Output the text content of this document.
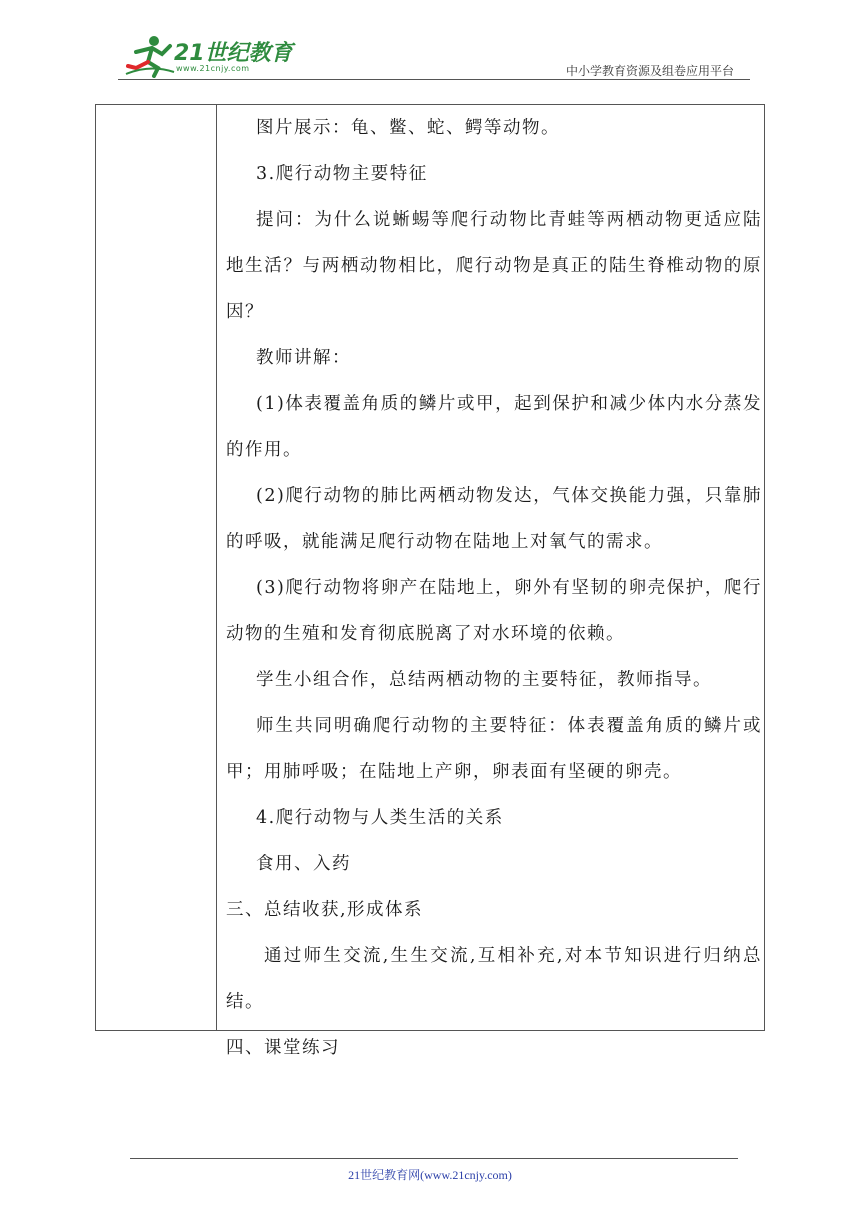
21世纪教育
www.21cnjy.com	中小学教育资源及组卷应用平台

图片展示：龟、鳖、蛇、鳄等动物。

3.爬行动物主要特征

提问：为什么说蜥蜴等爬行动物比青蛙等两栖动物更适应陆地生活？与两栖动物相比，爬行动物是真正的陆生脊椎动物的原因？

教师讲解：

(1)体表覆盖角质的鳞片或甲，起到保护和减少体内水分蒸发的作用。

(2)爬行动物的肺比两栖动物发达，气体交换能力强，只靠肺的呼吸，就能满足爬行动物在陆地上对氧气的需求。

(3)爬行动物将卵产在陆地上，卵外有坚韧的卵壳保护，爬行动物的生殖和发育彻底脱离了对水环境的依赖。

学生小组合作，总结两栖动物的主要特征，教师指导。

师生共同明确爬行动物的主要特征：体表覆盖角质的鳞片或甲；用肺呼吸；在陆地上产卵，卵表面有坚硬的卵壳。

4.爬行动物与人类生活的关系

食用、入药

三、总结收获,形成体系

通过师生交流,生生交流,互相补充,对本节知识进行归纳总结。

四、课堂练习

21世纪教育网(www.21cnjy.com)
